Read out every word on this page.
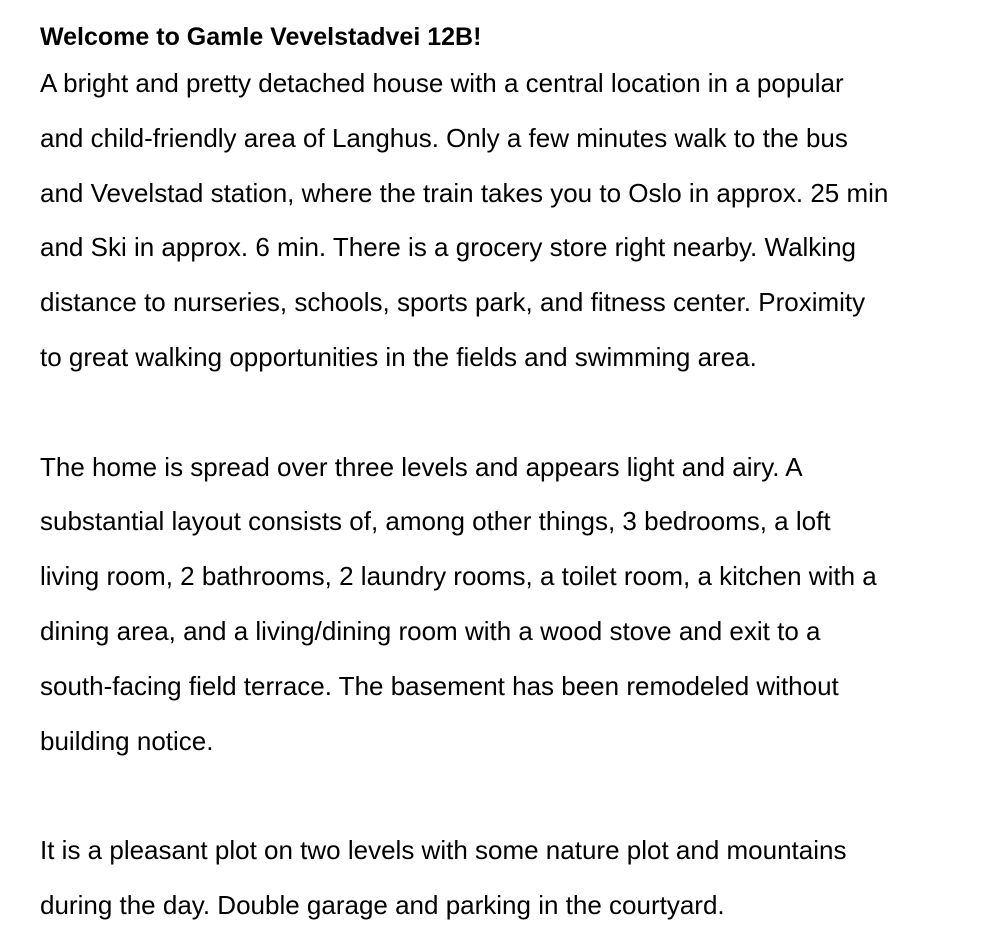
Welcome to Gamle Vevelstadvei 12B!

A bright and pretty detached house with a central location in a popular
and child-friendly area of Langhus. Only a few minutes walk to the bus
and Vevelstad station, where the train takes you to Oslo in approx. 25 min
and Ski in approx. 6 min. There is a grocery store right nearby. Walking
distance to nurseries, schools, sports park, and fitness center. Proximity
to great walking opportunities in the fields and swimming area.

The home is spread over three levels and appears light and airy. A
substantial layout consists of, among other things, 3 bedrooms, a loft
living room, 2 bathrooms, 2 laundry rooms, a toilet room, a kitchen with a
dining area, and a living/dining room with a wood stove and exit to a
south-facing field terrace. The basement has been remodeled without
building notice.

It is a pleasant plot on two levels with some nature plot and mountains
during the day. Double garage and parking in the courtyard.
